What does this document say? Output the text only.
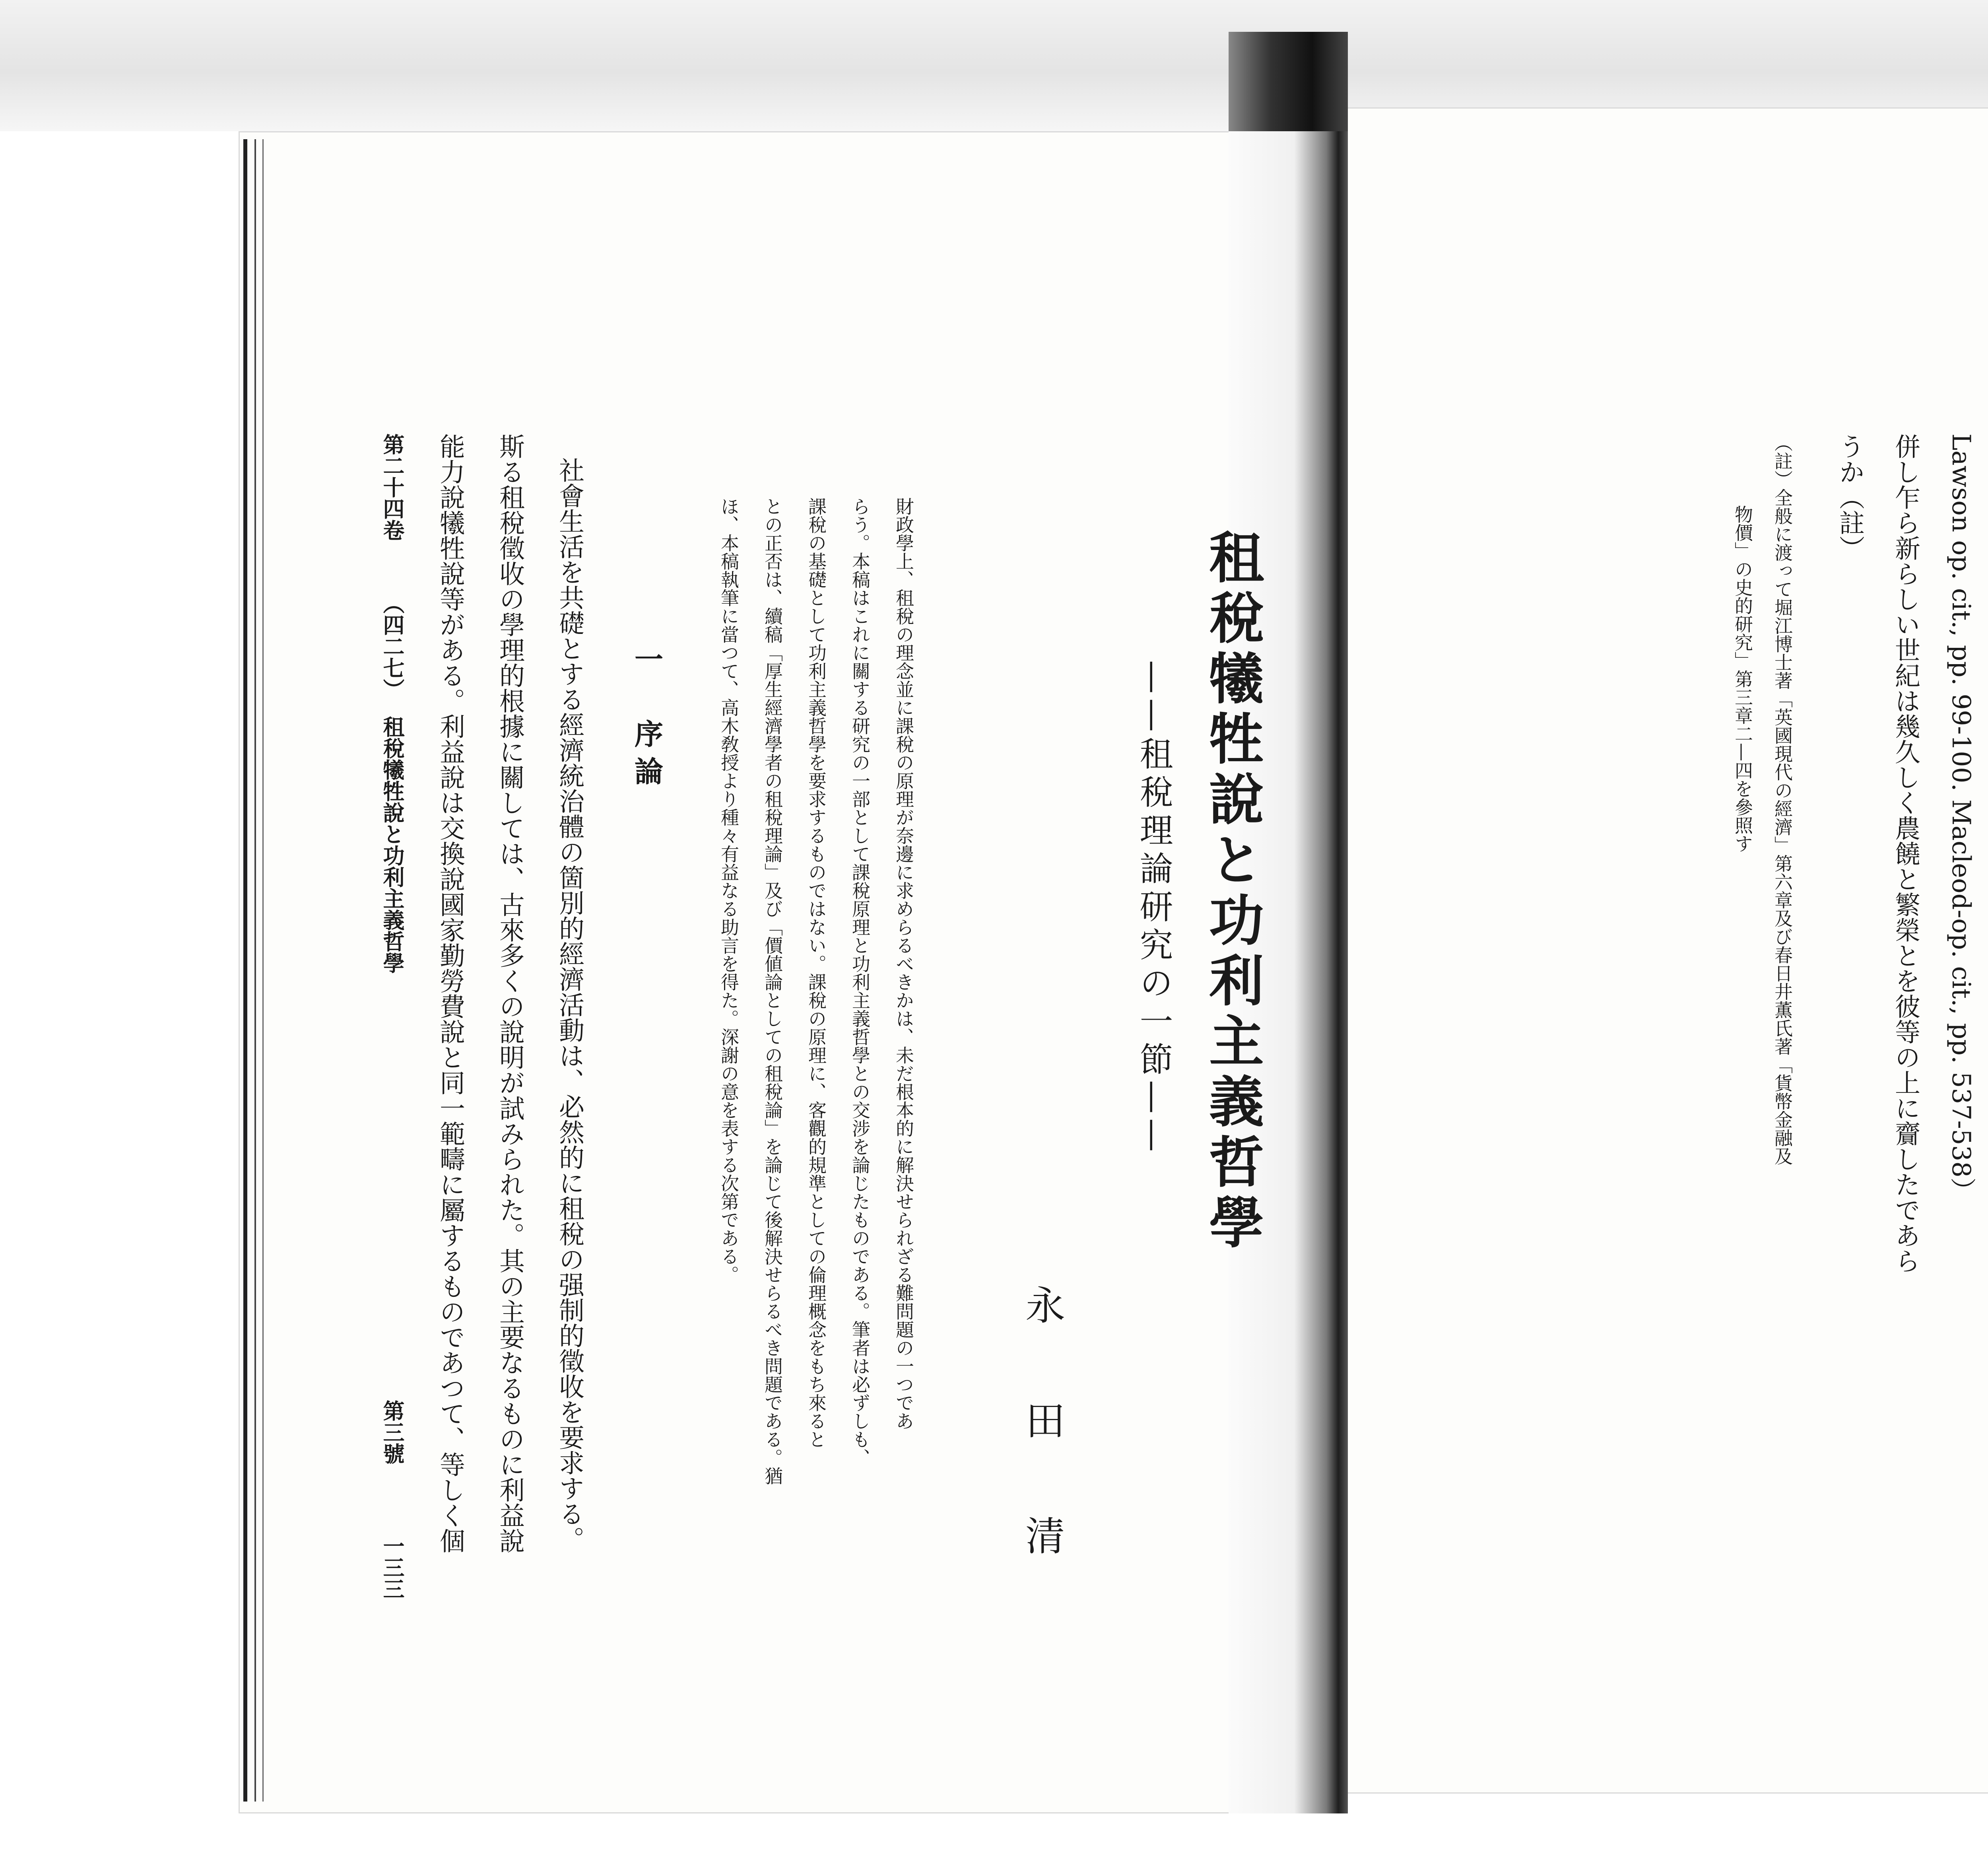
Lawson op. cit., pp. 99-100. Macleod-op. cit., pp. 537-538）
併し乍ら新らしい世紀は幾久しく農饒と繁榮とを彼等の上に齎したであら
うか（註）
（註）全般に渡って堀江博士著「英國現代の經濟」第六章及び春日井薫氏著「貨幣金融及
物價」の史的研究」第三章二—四を參照す
租稅犧牲說と功利主義哲學
——租稅理論研究の一節——
永田清
財政學上、租稅の理念並に課稅の原理が奈邊に求めらるべきかは、未だ根本的に解決せられざる難問題の一つであ
らう。本稿はこれに關する研究の一部として課稅原理と功利主義哲學との交涉を論じたものである。筆者は必ずしも、
課稅の基礎として功利主義哲學を要求するものではない。課稅の原理に、客觀的規準としての倫理概念をもち來ると
との正否は、續稿「厚生經濟學者の租稅理論」及び「價値論としての租稅論」を論じて後解決せらるべき問題である。猶
ほ、本稿執筆に當つて、高木敎授より種々有益なる助言を得た。深謝の意を表する次第である。
一　序論
社會生活を共礎とする經濟統治體の箇別的經濟活動は、必然的に租稅の强制的徵收を要求する。
斯る租稅徵收の學理的根據に關しては、古來多くの說明が試みられた。其の主要なるものに利益說
能力說犧牲說等がある。利益說は交換說國家勤勞費說と同一範疇に屬するものであつて、等しく個
第二十四卷
（四二七）
租稅犧牲說と功利主義哲學
第三號
一三三
